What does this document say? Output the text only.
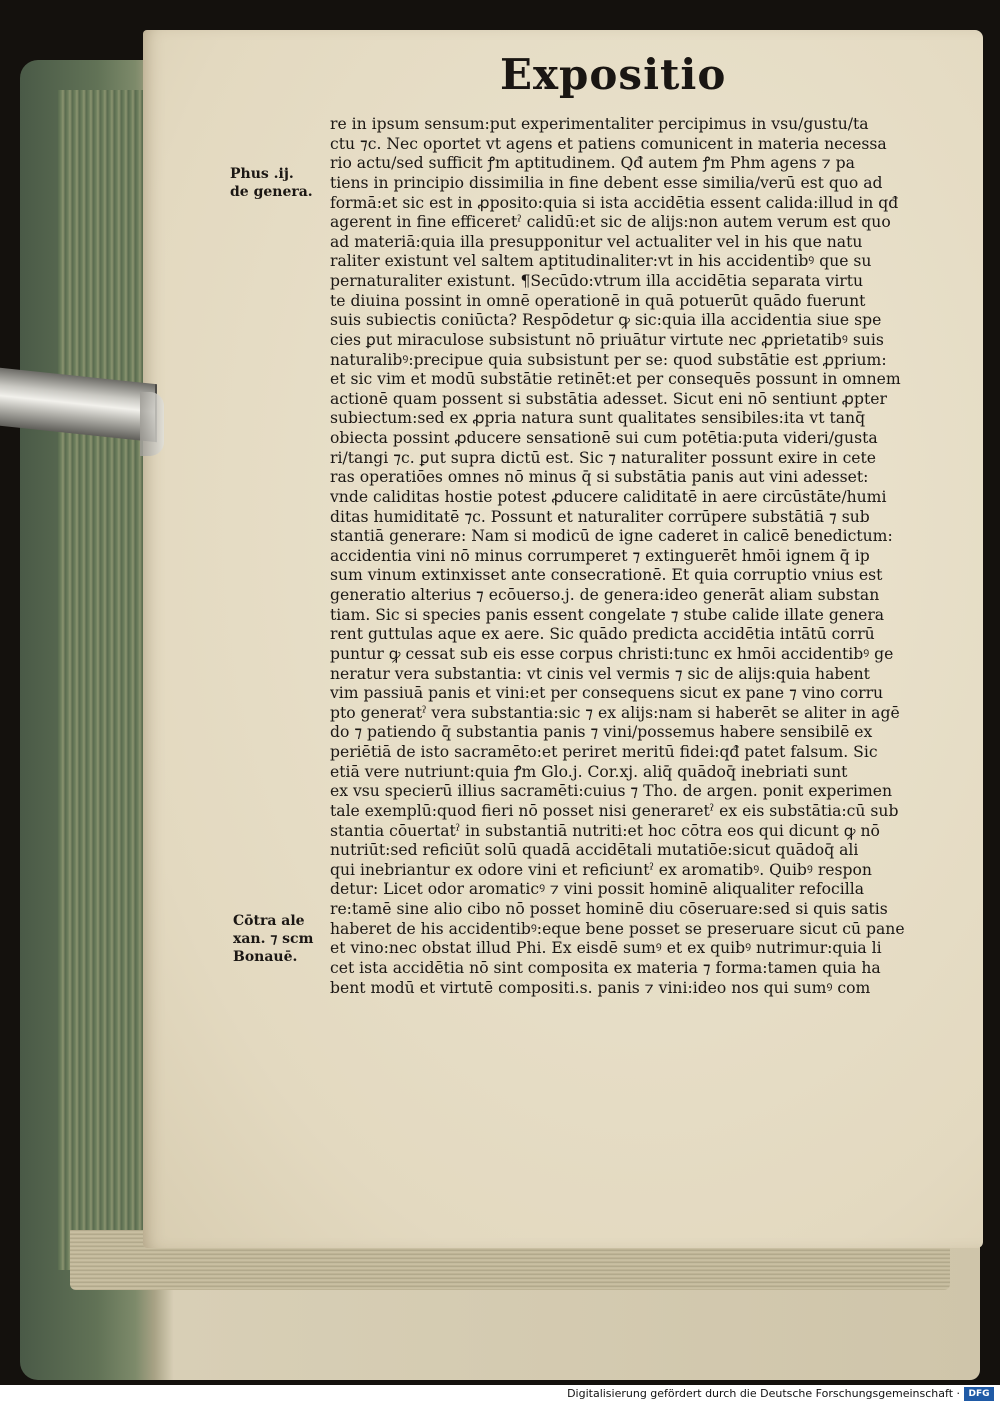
Expositio
Phus .ij.
de genera.
Cōtra ale
xan. ⁊ scm
Bonauē.
re in ipsum sensum:put experimentaliter percipimus in vsu/gustu/ta
ctu ⁊c. Nec oportet vt agens et patiens comunicent in materia necessa
rio actu/sed sufficit ꝭm aptitudinem. Qđ autem ꝭm Phm agens ⁊ pa
tiens in principio dissimilia in fine debent esse similia/verū est quo ad
formā:et sic est in ꝓposito:quia si ista accidētia essent calida:illud in qđ
agerent in fine efficeretˀ calidū:et sic de alijs:non autem verum est quo
ad materiā:quia illa presupponitur vel actualiter vel in his que natu
raliter existunt vel saltem aptitudinaliter:vt in his accidentibꝰ que su
pernaturaliter existunt. ¶Secūdo:vtrum illa accidētia separata virtu
te diuina possint in omnē operationē in quā potuerūt quādo fuerunt
suis subiectis coniūcta? Respōdetur ꝙ sic:quia illa accidentia siue spe
cies ꝑut miraculose subsistunt nō priuātur virtute nec ꝓprietatibꝰ suis
naturalibꝰ:precipue quia subsistunt per se: quod substātie est ꝓprium:
et sic vim et modū substātie retinēt:et per consequēs possunt in omnem
actionē quam possent si substātia adesset. Sicut eni nō sentiunt ꝓpter
subiectum:sed ex ꝓpria natura sunt qualitates sensibiles:ita vt tanq̄
obiecta possint ꝓducere sensationē sui cum potētia:puta videri/gusta
ri/tangi ⁊c. ꝑut supra dictū est. Sic ⁊ naturaliter possunt exire in cete
ras operatiōes omnes nō minus q̄ si substātia panis aut vini adesset:
vnde caliditas hostie potest ꝓducere caliditatē in aere circūstāte/humi
ditas humiditatē ⁊c. Possunt et naturaliter corrūpere substātiā ⁊ sub
stantiā generare: Nam si modicū de igne caderet in calicē benedictum:
accidentia vini nō minus corrumperet ⁊ extinguerēt hmōi ignem q̄ ip
sum vinum extinxisset ante consecrationē. Et quia corruptio vnius est
generatio alterius ⁊ ecōuerso.j. de genera:ideo generāt aliam substan
tiam. Sic si species panis essent congelate ⁊ stube calide illate genera
rent guttulas aque ex aere. Sic quādo predicta accidētia intātū corrū
puntur ꝙ cessat sub eis esse corpus christi:tunc ex hmōi accidentibꝰ ge
neratur vera substantia: vt cinis vel vermis ⁊ sic de alijs:quia habent
vim passiuā panis et vini:et per consequens sicut ex pane ⁊ vino corru
pto generatˀ vera substantia:sic ⁊ ex alijs:nam si haberēt se aliter in agē
do ⁊ patiendo q̄ substantia panis ⁊ vini/possemus habere sensibilē ex
periētiā de isto sacramēto:et periret meritū fidei:qđ patet falsum. Sic
etiā vere nutriunt:quia ꝭm Glo.j. Cor.xj. aliq̄ quādoq̄ inebriati sunt
ex vsu specierū illius sacramēti:cuius ⁊ Tho. de argen. ponit experimen
tale exemplū:quod fieri nō posset nisi generaretˀ ex eis substātia:cū sub
stantia cōuertatˀ in substantiā nutriti:et hoc cōtra eos qui dicunt ꝙ nō
nutriūt:sed reficiūt solū quadā accidētali mutatiōe:sicut quādoq̄ ali
qui inebriantur ex odore vini et reficiuntˀ ex aromatibꝰ. Quibꝰ respon
detur: Licet odor aromaticꝰ ⁊ vini possit hominē aliqualiter refocilla
re:tamē sine alio cibo nō posset hominē diu cōseruare:sed si quis satis
haberet de his accidentibꝰ:eque bene posset se preseruare sicut cū pane
et vino:nec obstat illud Phi. Ex eisdē sumꝰ et ex quibꝰ nutrimur:quia li
cet ista accidētia nō sint composita ex materia ⁊ forma:tamen quia ha
bent modū et virtutē compositi.s. panis ⁊ vini:ideo nos qui sumꝰ com
Digitalisierung gefördert durch die Deutsche Forschungsgemeinschaft · DFG
